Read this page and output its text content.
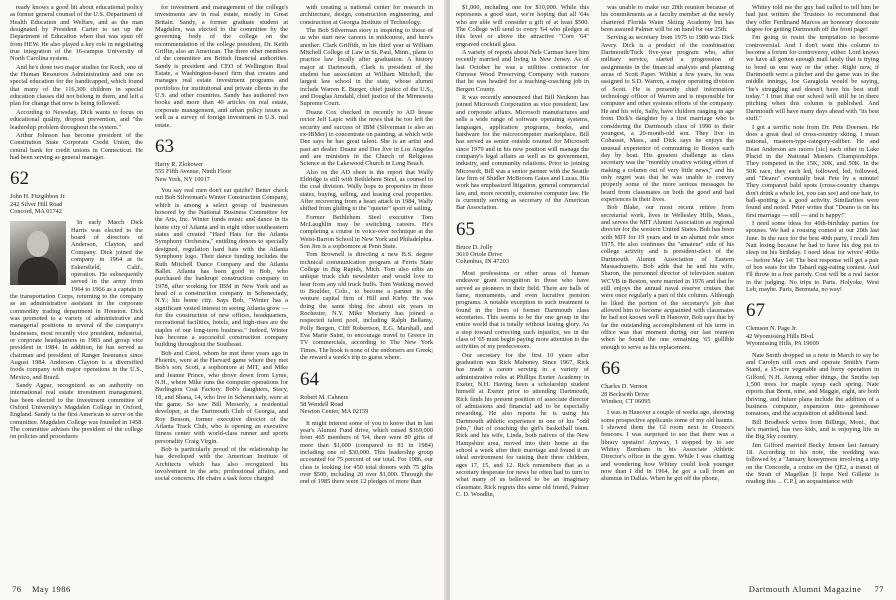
ready knows a good bit about educational policy as former general counsel of the U.S. Department of Health Education and Welfare, and as the man designated by President Carter to set up the Department of Education when that was spun off from HEW. He also played a key role in negotiating true integration of the 16-campus University of North Carolina system.

And he's done two major studies for Koch, one of the Human Resources Administration and one on special education for the handicapped, which found that many of the 116,300 children in special education classes did not belong in them, and left a plan for change that now is being followed.

According to Newsday, Dick wants to focus on educational quality, dropout prevention, and "the leadership problem throughout the system."

Arthur Johnson has become president of the Constitution State Corporate Credit Union, the central bank for credit unions in Connecticut. He had been serving as general manager.

62
John H. Fitzgibbon Jr.
242 Silver Hill Road
Concord, MA 01742

In early March Dick Harris was elected to the board of directors of Anderson, Clayton, and Company. Dick joined the company in 1964 at its Eskersfield, Calif., operation. He subsequently served in the army from 1964 to 1966 as a captain in the transportation Corps, returning to the company as an administrative assistant in the corporate commodity trading department in Houston. Dick was promoted to a variety of administrative and managerial positions in several of the company's businesses, most recently vice president, industrial, or corporate headquarters in 1983 and group vice president in 1984. In addition, he has served as chairman and president of Ranger Insurance since August 1984. Anderson Clayton is a diversified foods company with major operations in the U.S., Mexico, and Brazil.

Sandy Agpar, recognized as an authority on international real estate investment management, has been elected to the investment committee of Oxford University's Magdalen College in Oxford, England. Sandy is the first American to serve on the committee. Magdalen College was founded in 1458. The committee advises the president of the college on policies and procedures

for investment and management of the college's investments are in real estate, mostly in Great Britain. Sandy, a former graduate student at Magdalen, was elected to the committee by the governing body of the college on the recommendation of the college president, Dr. Keith Griffin, also an American. The three other members of the committee are British financial authorities. Sandy is president and CEO of Wellington Real Estate, a Washington-based firm that creates and manages real estate investment programs and portfolios for institutional and private clients in the U.S. and other countries. Sandy has authored two books and more than 40 articles on real estate, corporate management, and urban policy issues as well as a survey of foreign investment in U.S. real estate.

63
Harry R. Zlokower
555 Fifth Avenue, Ninth Floor
New York, NY 10017

You say real men don't eat quiche? Better check out Bob Silverman's Winter Construction Company, which is among a select group of businesses honored by the National Business Committee for the Arts, Inc. Winter funds music and dance in its home city of Atlanta and in eight other southeastern states and created "Hard Hats for the Atlanta Symphony Orchestra," entitling donors to specially designed, regulation hard hats with the Atlanta Symphony logo. Their dance funding includes the Ruth Mitchell Dance Company and the Atlanta Ballet. Atlanta has been good to Bob, who purchased the bankrupt construction company in 1978, after working for IBM in New York and as head of a construction company in Schenectady, N.Y.; his home city. Says Bob, "Winter has a significant vested interest in seeing Atlanta grow — for the construction of new offices, headquarters, recreational facilities, hotels, and high-rises are the staples of our long-term business." Indeed, Winter has become a successful construction company building throughout the Southeast.

Bob and Carol, whom he met three years ago in Phoenix, were at the Harvard game where they met Bob's son, Scott, a sophomore at MIT, and Mike and Jeanne Prince, who drove down from Lyme, N.H., where Mike runs the computer operations for Burlington Coat Factory. Bob's daughters, Stacy, 18, and Shana, 14, who live in Schenectady, were at the game. So saw Bill Messerly, a residential developer, at the Dartmouth Club of Georgia, and Roy Benson, former executive director of the Atlanta Track Club, who is opening an executive fitness center with world-class runner and sports personality Craig Virgin.

Bob is particularly proud of the relationship he has developed with the American Institute of Architects which has also recognized his involvement in the arts; professional affairs, and social concerns. He chairs a task force charged

with creating a national center for research in architecture, design, construction engineering, and construction at Georgia Institute of Technology.

The Bob Silverman story is inspiring to those of us who start new careers in midcourse, and here's another: Clark Griffith, in his third year at William Mitchell College of Law in St. Paul, Minn., plans to practice law locally after graduation. A history major at Dartmouth, Clark is president of the student bar association at William Mitchell, the largest law school in the state, whose alumni include Warren E. Burger, chief justice of the U.S., and Douglas Amdahl, chief justice of the Minnesota Supreme Court.

Duane Cox checked in recently to AD house rector Jeff Lapic with the news that he too left the security and success of IBM (Silverman is also an ex-IBMer) to concentrate on painting, at which wife Dee says he has great talent. She is an artist and past art dealer. Duane and Dee live in Los Angeles and are ministers in the Church of Religious Science at the Lakewood Church in Long Beach.

Also on the AD sheet is the report that Wally Eldridge is still with Bethlehem Steel, as counsel to the coal division. Wally hops to properties in three states, buying, selling, and leasing coal properties. After recovering from a heart attack in 1984, Wally shifted from gliding to the "quieter" sport of sailing.

Former Bethlehem Steel executive Tom McLaughlin may be switching careers. He's completing a course in voice-over technique at the Weist-Barron School in New York and Philadelphia. Son Jim is a sophomore at Penn State.

Tom Brownell is directing a new B.S. degree technical communication program at Ferris State College in Big Rapids, Mich. Tom also edits an antique truck club newsletter and would love to hear from any old truck buffs. Tom Watking moved to Boulder, Colo., to become a partner in the venture capital firm of Hill and Kirby. He was doing the same thing for about six years in Rochester, N.Y. Mike Moriarty has joined a respected talent pool, including Ralph Bellamy, Polly Bergen, Cliff Robertson, E.G. Marshall, and Eva Marie Saint, to encourage travel to Greece in TV commercials, according to The New York Times. The hook is none of the endorsers are Greek; the reward a week's trip to guess where.

64
Robert M. Cahners
58 Wendell Road
Newton Center, MA 02159

It might interest some of you to know that in last year's Alumni Fund drive, which raised $369,000 from 465 members of '64, there were 89 gifts of more than $1,000 (compared to 81 in 1984) including one of $30,000. This leadership group accounted for 75 percent of our total. For 1986, our class is looking for 450 total donors with 75 gifts over $500, including 20 over $1,000. Through the end of 1985 there were 12 pledges of more than

76 May 1986

$1,000, including one for $10,000. While this represents a good start, we're hoping that all '64s who are able will consider a gift of at least $500. The College will send to every '64 who pledges at this level or above the attractive "Core '64" engraved cocktail glass.

A variety of reports about Nels Carman have him recently married and living in New Jersey. As of last October he was a utilities contractor for Osmose Wood Preserving Company with rumors that he was headed for a teaching-coaching job in Bergen County.

It was recently announced that Bill Neukom has joined Microsoft Corporation as vice president, law and corporate affairs. Microsoft manufactures and sells a wide range of software operating systems, languages, application programs, books, and hardware for the microcomputer marketplace. Bill has served as senior outside counsel for Microsoft since 1979 and in his new position will manage the company's legal affairs as well as its government, industry, and community relations. Prior to joining Microsoft, Bill was a senior partner with the Seattle law firm of Shidler McBroom Gates and Lucas. His work has emphasized litigation, general commercial law, and, more recently, extensive computer law. He is currently serving as secretary of the American Bar Association.

65
Bruce D. Jolly
3610 Oriole Drive
Columbus, IN 47203

Most professions or other areas of human endeavor grant recognition to those who have served as pioneers in their field. There are halls of fame, monuments, and even lucrative pension programs. A notable exception to such treatment is found in the lives of former Dartmouth class secretaries. This seems to be the one group in the entire world that is totally without lasting glory. As a step toward correcting such injustice, we in the class of '65 must begin paying more attention to the activities of my predecessors.

Our secretary for the first 10 years after graduation was Rick Mahoney. Since 1967, Rick has made a career serving in a variety of administrative roles at Phillips Exeter Academy in Exeter, N.H. Having been a scholarship student himself at Exeter prior to attending Dartmouth, Rick finds his present position of associate director of admissions and financial aid to be especially rewarding. He also reports he is using his Dartmouth athletic experience in one of his "odd jobs," that of coaching the girl's basketball team. Rick and his wife, Linda, both natives of the New Hampshire area, moved into their home at the school a week after their marriage and found it an ideal environment for raising their three children, ages 17, 15, and 12. Rick remembers that as a secretary desperate for news he often had to turn to what many of us believed to be an imaginary classmate. Rick regrets this same old friend, Palmer C. D. Woodlin,

was unable to make our 20th reunion because of his commitments as a faculty member at the newly chartered Florida Water Skiing Academy but has been assured Palmer will be on hand for our 25th.

Serving as secretary from 1975 to 1980 was Dick Avery. Dick is a product of the combination Dartmouth/Tuck five-year program who, after military service, started a progression of assignments in the financial analysis and planning areas of Scott Paper. Within a few years, he was assigned to S.D. Warren, a major operating division of Scott. He is presently chief information technology officer of Warren and is responsible for computer and other systems efforts of the company. He and his wife, Sally, have children ranging in age from Dick's daughter by a first marriage who is considering the Dartmouth class of 1990 to their youngest, a 20-month-old son. They live in Cohasset, Mass., and Dick says he enjoys the unusual experience of commuting to Boston each day by boat. His greatest challenge as class secretary was the "monthly creative writing effort of making a column out of very little news," and his only regret was that he was unable to convey properly some of the more serious messages he heard from classmates on both the good and bad experiences in their lives.

Bob Blake, our most recent retiree from secretarial work, lives in Wellesley Hills, Mass., and serves the MIT Alumni Association as regional director for the western United States. Bob has been with MIT for 19 years and in an alumni role since 1975. He also continues the "amateur" side of his college activity and is president-elect of the Dartmouth Alumni Association of Eastern Massachusetts. Bob adds that he and his wife, Sharon, the personnel director of television station WCVB in Boston, were married in 1976 and that he still enjoys the annual naval reserve cruises that were once regularly a part of this column. Although he liked the portion of the secretary's job that allowed him to become acquainted with classmates he had not known well in Hanover, Bob says that by far the outstanding accomplishment of his term in office was that moment during our last reunion when he found the one remaining '65 gullible enough to serve as his replacement.

66
Charles D. Vernon
28 Beckwith Drive
Windsor, CT 06095

I was in Hanover a couple of weeks ago, showing some prospective applicants some of my old haunts. I showed them the Gl room next to Orozco's frescoes. I was surprised to see that there was a library upstairs! Anyway, I stopped by to see Whitey Burnham in his Associate Athletic Director's office in the gym. While I was chatting and wondering how Whitey could look younger now than I did in 1964, he got a call from an alumnus in Dallas. When he got off the phone,

Whitey told me the guy had called to tell him he had just written the Trustees to recommend that they offer Ferdinand Marcos an honorary doctorate degree for getting Dartmouth off the front page!

I'm going to resist the temptation to become controversial. And I don't want this column to become a forum for controversy, either. Lord knows we have all gotten enough mail lately that is trying to bend us one way or the other. Right now, if Dartmouth were a pitcher and the game was in the middle innings, Joe Garagiola would be saying, "he's struggling and doesn't have his best stuff today." I trust that our school will still be in there pitching when this column is published. And Dartmouth will have many days ahead with "its best stuff."

I got a terrific note from Dr. Pete Doersen. He does a great deal of cross-country skiing. I mean national, masters-type-category-caliber. He and Dean Anderson are racers [sic] each other in Lake Placid in the National Masters Championships. They competed in the 15K, 30K, and 50K. In the 50K race, they each led, followed, led, followed, and "Deano" eventually beat Pete by a minute! They compared bald spots (cross-country champs don't drink a whole lot, you can see) and one hair, to ball-spotting is a good activity. Similarities were found and noted. Peter writes that "Deano is on his first marriage — still — and is happy!"

I need some ideas for 40th-birthday parties for spouses. We had a rousing contest at our 20th last June. In the race for the best 40th party, I recall Jim Natt losing because he had to have his dog put to sleep on his birthday. I need ideas for wives' 40ths — before May 14! The best response will get a pair of box seats for the Tabard egg-eating contest. And I'll throw in a free parody. Cost will be a real factor in the judging. No trips to Paris. Holyoke, West Leb, maybe. Paris, Bermuda, no way!

67
Clemson N. Page Jr.
42 Wyomissing Hills Blvd.
Wyomissing Hills, PA 19609

Nate Smith dropped us a note in March to say he and Carolyn still own and operate Smith's Farm Stand, a 15-acre vegetable and berry operation in Gilford, N.H. Among other things, the Smiths tap 1,500 trees for maple syrup each spring. Nate reports that Brent, nine, and Maggie, eight, are both thriving, and future plans include the addition of a business computer, expansion into greenhouse tomatoes, and the acquisition of additional land.

Bill Brodbeck writes from Billings, Mont., that he's married, has two kids, and is enjoying life in the Big Sky country.

Jim Gifford married Becky Jensen last January 18. According to his note, the wedding was followed by a "January honeymoon involving a trip on the Concorde, a cruise on the QE2, a transit of the Strait of Magellan [I hope Ned Gillette is reading this ... C.P.], an acquaintance with

Dartmouth Alumni Magazine 77
